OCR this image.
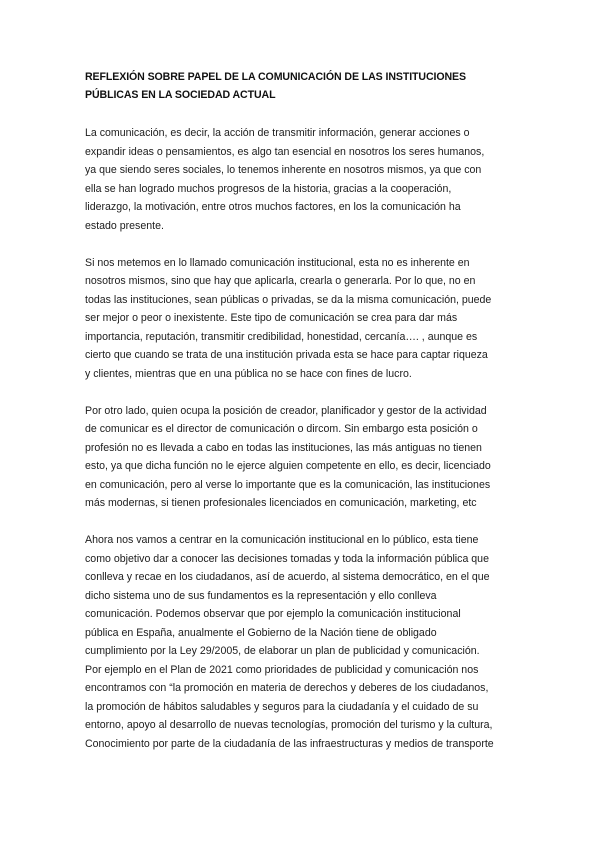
REFLEXIÓN SOBRE PAPEL DE LA COMUNICACIÓN DE LAS INSTITUCIONES
PÚBLICAS EN LA SOCIEDAD ACTUAL

La comunicación, es decir, la acción de transmitir información, generar acciones o
expandir ideas o pensamientos, es algo tan esencial en nosotros los seres humanos,
ya que siendo seres sociales, lo tenemos inherente en nosotros mismos, ya que con
ella se han logrado muchos progresos de la historia, gracias a la cooperación,
liderazgo, la motivación, entre otros muchos factores, en los la comunicación ha
estado presente.

Si nos metemos en lo llamado comunicación institucional, esta no es inherente en
nosotros mismos, sino que hay que aplicarla, crearla o generarla. Por lo que, no en
todas las instituciones, sean públicas o privadas, se da la misma comunicación, puede
ser mejor o peor o inexistente. Este tipo de comunicación se crea para dar más
importancia, reputación, transmitir credibilidad, honestidad, cercanía…. , aunque es
cierto que cuando se trata de una institución privada esta se hace para captar riqueza
y clientes, mientras que en una pública no se hace con fines de lucro.

Por otro lado, quien ocupa la posición de creador, planificador y gestor de la actividad
de comunicar es el director de comunicación o dircom. Sin embargo esta posición o
profesión no es llevada a cabo en todas las instituciones, las más antiguas no tienen
esto, ya que dicha función no le ejerce alguien competente en ello, es decir, licenciado
en comunicación, pero al verse lo importante que es la comunicación, las instituciones
más modernas, si tienen profesionales licenciados en comunicación, marketing, etc

Ahora nos vamos a centrar en la comunicación institucional en lo público, esta tiene
como objetivo dar a conocer las decisiones tomadas y toda la información pública que
conlleva y recae en los ciudadanos, así de acuerdo, al sistema democrático, en el que
dicho sistema uno de sus fundamentos es la representación y ello conlleva
comunicación. Podemos observar que por ejemplo la comunicación institucional
pública en España, anualmente el Gobierno de la Nación tiene de obligado
cumplimiento por la Ley 29/2005, de elaborar un plan de publicidad y comunicación.
Por ejemplo en el Plan de 2021 como prioridades de publicidad y comunicación nos
encontramos con “la promoción en materia de derechos y deberes de los ciudadanos,
la promoción de hábitos saludables y seguros para la ciudadanía y el cuidado de su
entorno, apoyo al desarrollo de nuevas tecnologías, promoción del turismo y la cultura,
Conocimiento por parte de la ciudadanía de las infraestructuras y medios de transporte
